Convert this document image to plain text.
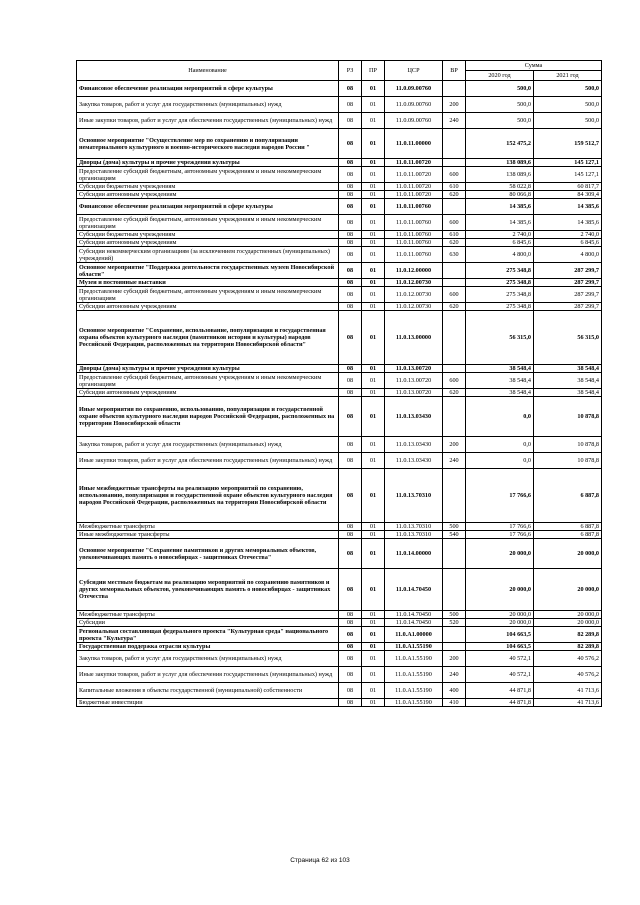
Наименование	РЗ	ПР	ЦСР	ВР	Сумма	
					2020 год	2021 год
Финансовое обеспечение реализации мероприятий в сфере культуры	08	01	11.0.09.00760		500,0	500,0
Закупка товаров, работ и услуг для государственных (муниципальных) нужд	08	01	11.0.09.00760	200	500,0	500,0
Иные закупки товаров, работ и услуг для обеспечения государственных (муниципальных) нужд	08	01	11.0.09.00760	240	500,0	500,0
Основное мероприятие "Осуществление мер по сохранению и популяризации нематериального культурного и военно-исторического наследия народов России "	08	01	11.0.11.00000		152 475,2	159 512,7
Дворцы (дома) культуры и прочие учреждения культуры	08	01	11.0.11.00720		138 089,6	145 127,1
Предоставление субсидий бюджетным, автономным учреждениям и иным некоммерческим организациям	08	01	11.0.11.00720	600	138 089,6	145 127,1
Субсидии бюджетным учреждениям	08	01	11.0.11.00720	610	58 022,8	60 817,7
Субсидии автономным учреждениям	08	01	11.0.11.00720	620	80 066,8	84 309,4
Финансовое обеспечение реализации мероприятий в сфере культуры	08	01	11.0.11.00760		14 385,6	14 385,6
Предоставление субсидий бюджетным, автономным учреждениям и иным некоммерческим организациям	08	01	11.0.11.00760	600	14 385,6	14 385,6
Субсидии бюджетным учреждениям	08	01	11.0.11.00760	610	2 740,0	2 740,0
Субсидии автономным учреждениям	08	01	11.0.11.00760	620	6 845,6	6 845,6
Субсидии некоммерческим организациям (за исключением государственных (муниципальных) учреждений)	08	01	11.0.11.00760	630	4 800,0	4 800,0
Основное мероприятие "Поддержка деятельности государственных музеев Новосибирской области"	08	01	11.0.12.00000		275 348,8	287 299,7
Музеи и постоянные выставки	08	01	11.0.12.00730		275 348,8	287 299,7
Предоставление субсидий бюджетным, автономным учреждениям и иным некоммерческим организациям	08	01	11.0.12.00730	600	275 348,8	287 299,7
Субсидии автономным учреждениям	08	01	11.0.12.00730	620	275 348,8	287 299,7
Основное мероприятие "Сохранение, использование, популяризация и государственная охрана объектов культурного наследия (памятников истории и культуры) народов Российской Федерации, расположенных на территории Новосибирской области"	08	01	11.0.13.00000		56 315,0	56 315,0
Дворцы (дома) культуры и прочие учреждения культуры	08	01	11.0.13.00720		38 548,4	38 548,4
Предоставление субсидий бюджетным, автономным учреждениям и иным некоммерческим организациям	08	01	11.0.13.00720	600	38 548,4	38 548,4
Субсидии автономным учреждениям	08	01	11.0.13.00720	620	38 548,4	38 548,4
Иные мероприятия по сохранению, использованию, популяризации и государственной охране объектов культурного наследия народов Российской Федерации, расположенных на территории Новосибирской области	08	01	11.0.13.03430		0,0	10 878,8
Закупка товаров, работ и услуг для государственных (муниципальных) нужд	08	01	11.0.13.03430	200	0,0	10 878,8
Иные закупки товаров, работ и услуг для обеспечения государственных (муниципальных) нужд	08	01	11.0.13.03430	240	0,0	10 878,8
Иные межбюджетные трансферты на реализацию мероприятий по сохранению, использованию, популяризации и государственной охране объектов культурного наследия народов Российской Федерации, расположенных на территории Новосибирской области	08	01	11.0.13.70310		17 766,6	6 887,8
Межбюджетные трансферты	08	01	11.0.13.70310	500	17 766,6	6 887,8
Иные межбюджетные трансферты	08	01	11.0.13.70310	540	17 766,6	6 887,8
Основное мероприятие "Сохранение памятников и других мемориальных объектов, увековечивающих память о новосибирцах - защитниках Отечества"	08	01	11.0.14.00000		20 000,0	20 000,0
Субсидии местным бюджетам на реализацию мероприятий по сохранению памятников и других мемориальных объектов, увековечивающих память о новосибирцах - защитниках Отечества	08	01	11.0.14.70450		20 000,0	20 000,0
Межбюджетные трансферты	08	01	11.0.14.70450	500	20 000,0	20 000,0
Субсидии	08	01	11.0.14.70450	520	20 000,0	20 000,0
Региональная составляющая федерального проекта "Культурная среда" национального проекта "Культура"	08	01	11.0.A1.00000		104 663,5	82 289,8
Государственная поддержка отрасли культуры	08	01	11.0.A1.55190		104 663,5	82 289,8
Закупка товаров, работ и услуг для государственных (муниципальных) нужд	08	01	11.0.A1.55190	200	40 572,1	40 576,2
Иные закупки товаров, работ и услуг для обеспечения государственных (муниципальных) нужд	08	01	11.0.A1.55190	240	40 572,1	40 576,2
Капитальные вложения в объекты государственной (муниципальной) собственности	08	01	11.0.A1.55190	400	44 871,8	41 713,6
Бюджетные инвестиции	08	01	11.0.A1.55190	410	44 871,8	41 713,6
Страница 62 из 103
